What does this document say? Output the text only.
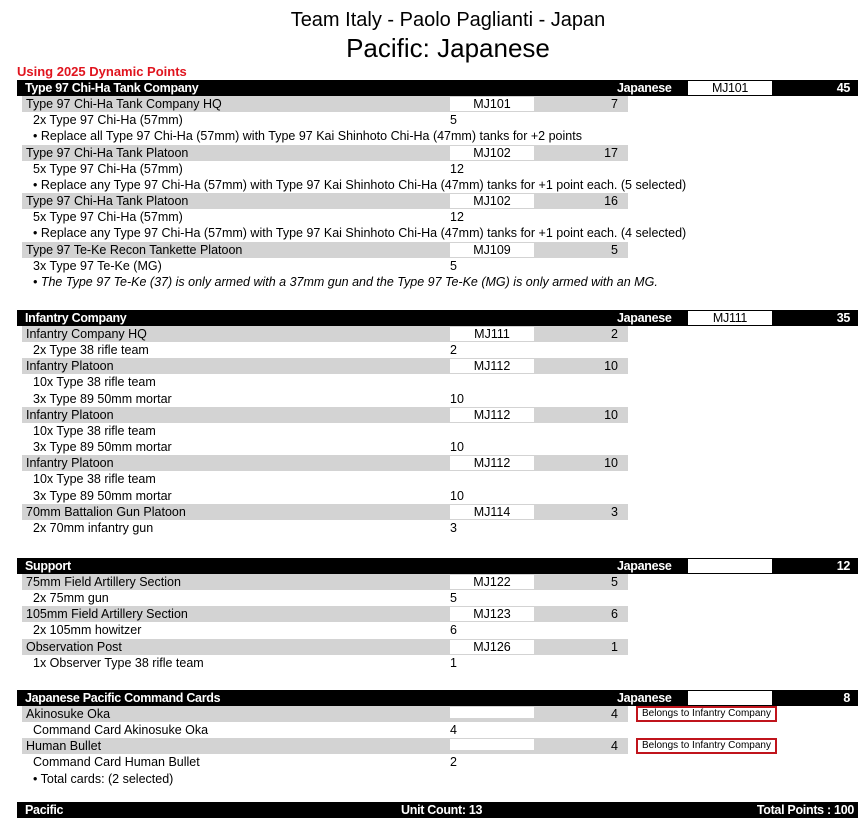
Team Italy - Paolo Paglianti - Japan
Pacific: Japanese
Using 2025 Dynamic Points
Type 97 Chi-Ha Tank Company	Japanese	MJ101	45
Type 97 Chi-Ha Tank Company HQ	MJ101	7
2x Type 97 Chi-Ha (57mm)	5
• Replace all Type 97 Chi-Ha (57mm) with Type 97 Kai Shinhoto Chi-Ha (47mm) tanks for +2 points
Type 97 Chi-Ha Tank Platoon	MJ102	17
5x Type 97 Chi-Ha (57mm)	12
• Replace any Type 97 Chi-Ha (57mm) with Type 97 Kai Shinhoto Chi-Ha (47mm) tanks for +1 point each. (5 selected)
Type 97 Chi-Ha Tank Platoon	MJ102	16
5x Type 97 Chi-Ha (57mm)	12
• Replace any Type 97 Chi-Ha (57mm) with Type 97 Kai Shinhoto Chi-Ha (47mm) tanks for +1 point each. (4 selected)
Type 97 Te-Ke Recon Tankette Platoon	MJ109	5
3x Type 97 Te-Ke (MG)	5
• The Type 97 Te-Ke (37) is only armed with a 37mm gun and the Type 97 Te-Ke (MG) is only armed with an MG.
Infantry Company	Japanese	MJ111	35
Infantry Company HQ	MJ111	2
2x Type 38 rifle team	2
Infantry Platoon	MJ112	10
10x Type 38 rifle team
3x Type 89 50mm mortar	10
Infantry Platoon	MJ112	10
10x Type 38 rifle team
3x Type 89 50mm mortar	10
Infantry Platoon	MJ112	10
10x Type 38 rifle team
3x Type 89 50mm mortar	10
70mm Battalion Gun Platoon	MJ114	3
2x 70mm infantry gun	3
Support	Japanese	12
75mm Field Artillery Section	MJ122	5
2x 75mm gun	5
105mm Field Artillery Section	MJ123	6
2x 105mm howitzer	6
Observation Post	MJ126	1
1x Observer Type 38 rifle team	1
Japanese Pacific Command Cards	Japanese	8
Akinosuke Oka	4	Belongs to Infantry Company
Command Card Akinosuke Oka	4
Human Bullet	4	Belongs to Infantry Company
Command Card Human Bullet	2
• Total cards: (2 selected)
Pacific	Unit Count: 13	Total Points : 100
